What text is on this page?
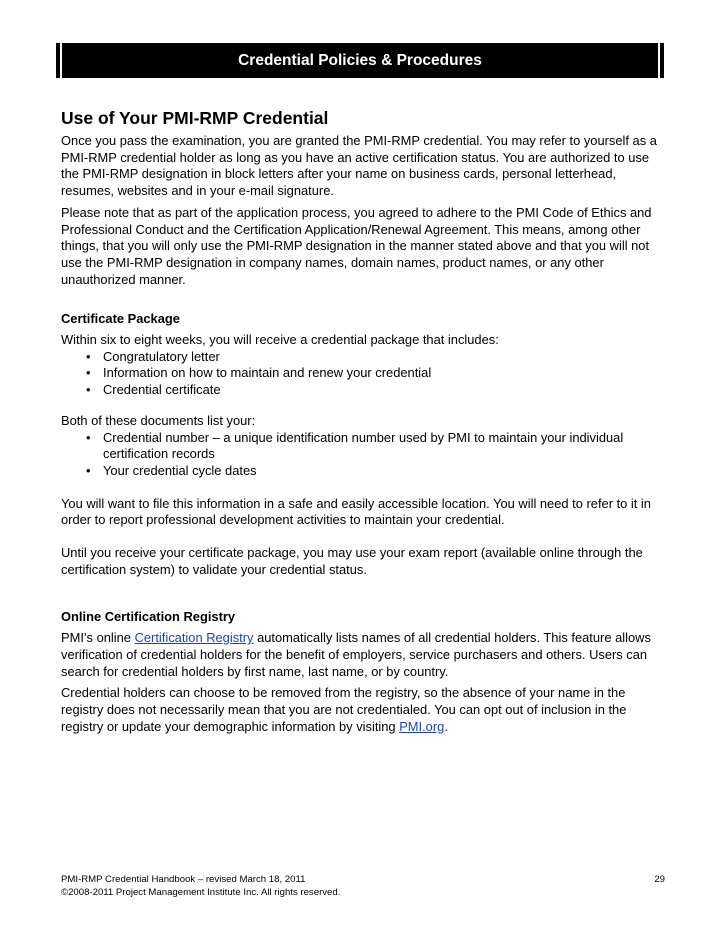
Credential Policies & Procedures
Use of Your PMI-RMP Credential

Once you pass the examination, you are granted the PMI-RMP credential. You may refer to yourself as a PMI-RMP credential holder as long as you have an active certification status. You are authorized to use the PMI-RMP designation in block letters after your name on business cards, personal letterhead, resumes, websites and in your e-mail signature.

Please note that as part of the application process, you agreed to adhere to the PMI Code of Ethics and Professional Conduct and the Certification Application/Renewal Agreement. This means, among other things, that you will only use the PMI-RMP designation in the manner stated above and that you will not use the PMI-RMP designation in company names, domain names, product names, or any other unauthorized manner.

Certificate Package

Within six to eight weeks, you will receive a credential package that includes:

• Congratulatory letter
• Information on how to maintain and renew your credential
• Credential certificate

Both of these documents list your:

• Credential number – a unique identification number used by PMI to maintain your individual certification records
• Your credential cycle dates

You will want to file this information in a safe and easily accessible location. You will need to refer to it in order to report professional development activities to maintain your credential.

Until you receive your certificate package, you may use your exam report (available online through the certification system) to validate your credential status.

Online Certification Registry

PMI’s online Certification Registry automatically lists names of all credential holders. This feature allows verification of credential holders for the benefit of employers, service purchasers and others. Users can search for credential holders by first name, last name, or by country.

Credential holders can choose to be removed from the registry, so the absence of your name in the registry does not necessarily mean that you are not credentialed. You can opt out of inclusion in the registry or update your demographic information by visiting PMI.org.

PMI-RMP Credential Handbook – revised March 18, 2011
©2008-2011 Project Management Institute Inc. All rights reserved.
29
